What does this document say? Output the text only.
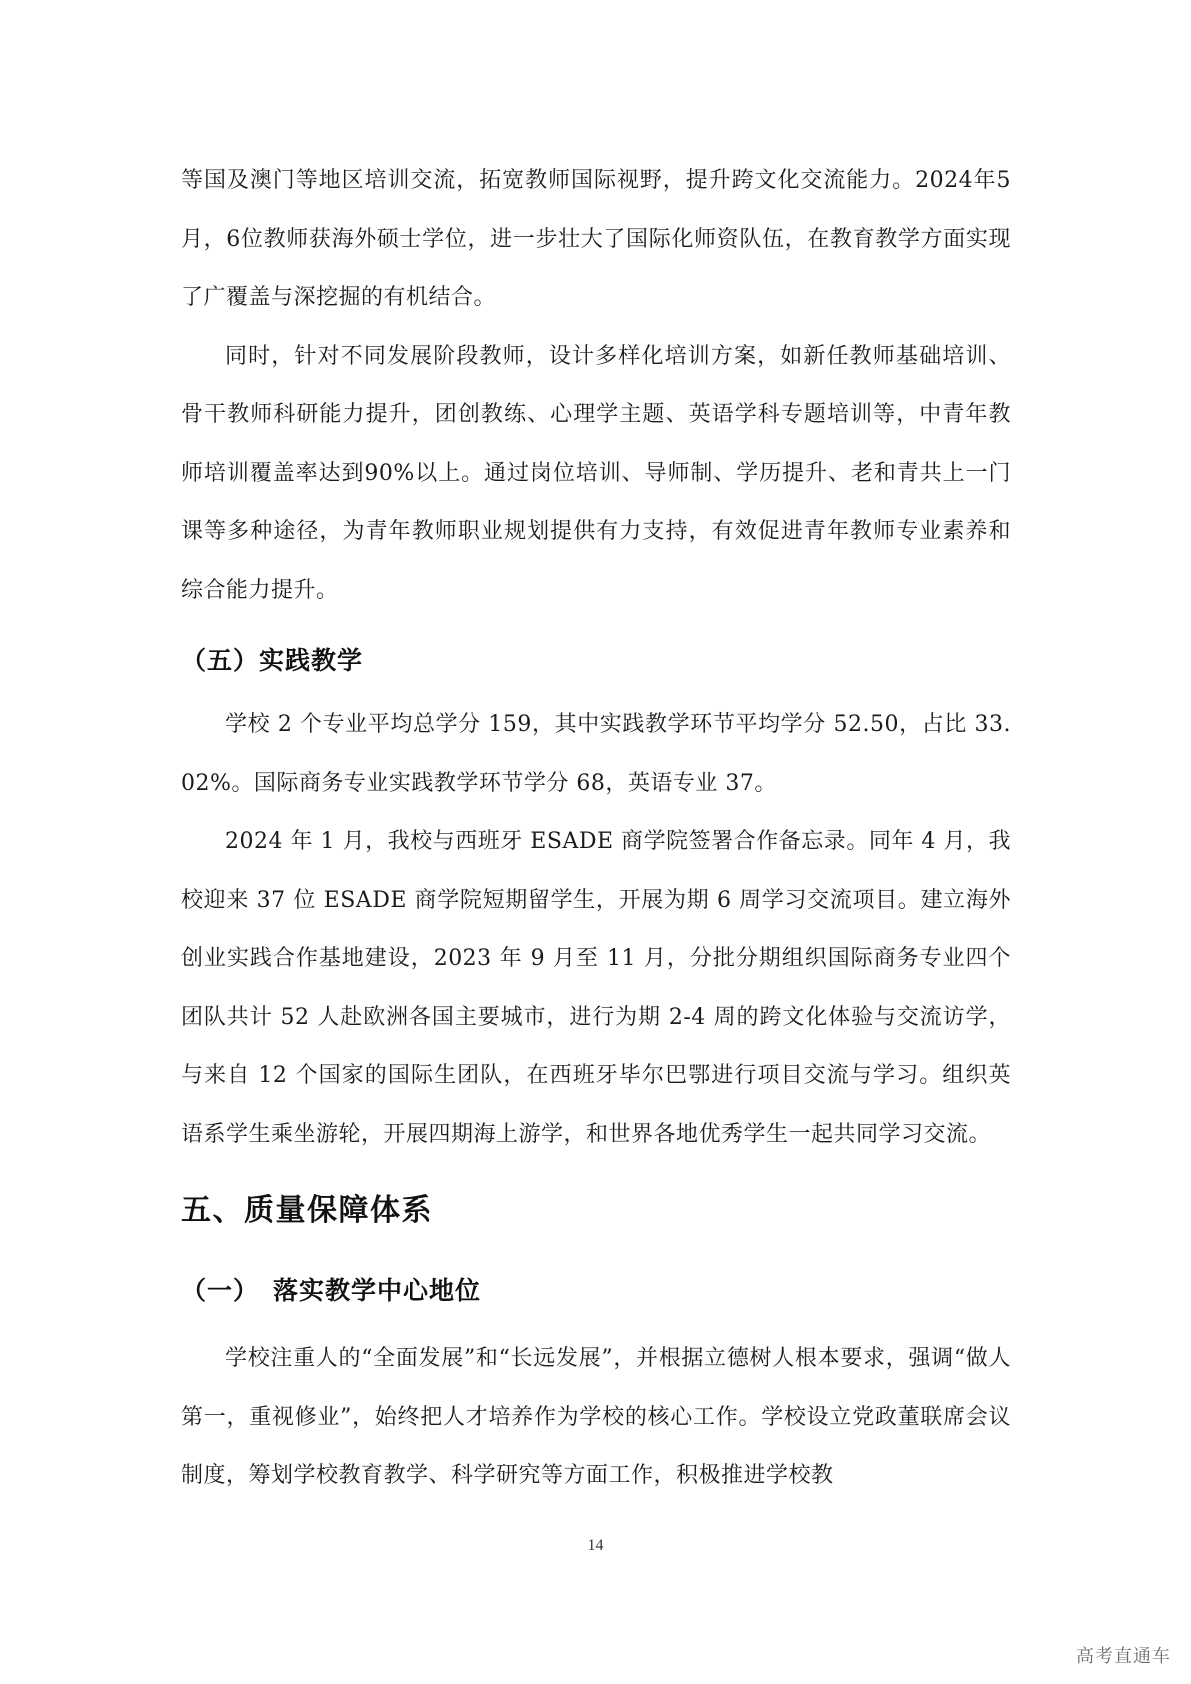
等国及澳门等地区培训交流，拓宽教师国际视野，提升跨文化交流能力。2024年5月，6位教师获海外硕士学位，进一步壮大了国际化师资队伍，在教育教学方面实现了广覆盖与深挖掘的有机结合。

同时，针对不同发展阶段教师，设计多样化培训方案，如新任教师基础培训、骨干教师科研能力提升，团创教练、心理学主题、英语学科专题培训等，中青年教师培训覆盖率达到90%以上。通过岗位培训、导师制、学历提升、老和青共上一门课等多种途径，为青年教师职业规划提供有力支持，有效促进青年教师专业素养和综合能力提升。

（五）实践教学

学校 2 个专业平均总学分 159，其中实践教学环节平均学分 52.50，占比 33.02%。国际商务专业实践教学环节学分 68，英语专业 37。

2024 年 1 月，我校与西班牙 ESADE 商学院签署合作备忘录。同年 4 月，我校迎来 37 位 ESADE 商学院短期留学生，开展为期 6 周学习交流项目。建立海外创业实践合作基地建设，2023 年 9 月至 11 月，分批分期组织国际商务专业四个团队共计 52 人赴欧洲各国主要城市，进行为期 2-4 周的跨文化体验与交流访学，与来自 12 个国家的国际生团队，在西班牙毕尔巴鄂进行项目交流与学习。组织英语系学生乘坐游轮，开展四期海上游学，和世界各地优秀学生一起共同学习交流。

五、质量保障体系
（一） 落实教学中心地位

学校注重人的“全面发展”和“长远发展”，并根据立德树人根本要求，强调“做人第一，重视修业”，始终把人才培养作为学校的核心工作。学校设立党政董联席会议制度，筹划学校教育教学、科学研究等方面工作，积极推进学校教

14
高考直通车
